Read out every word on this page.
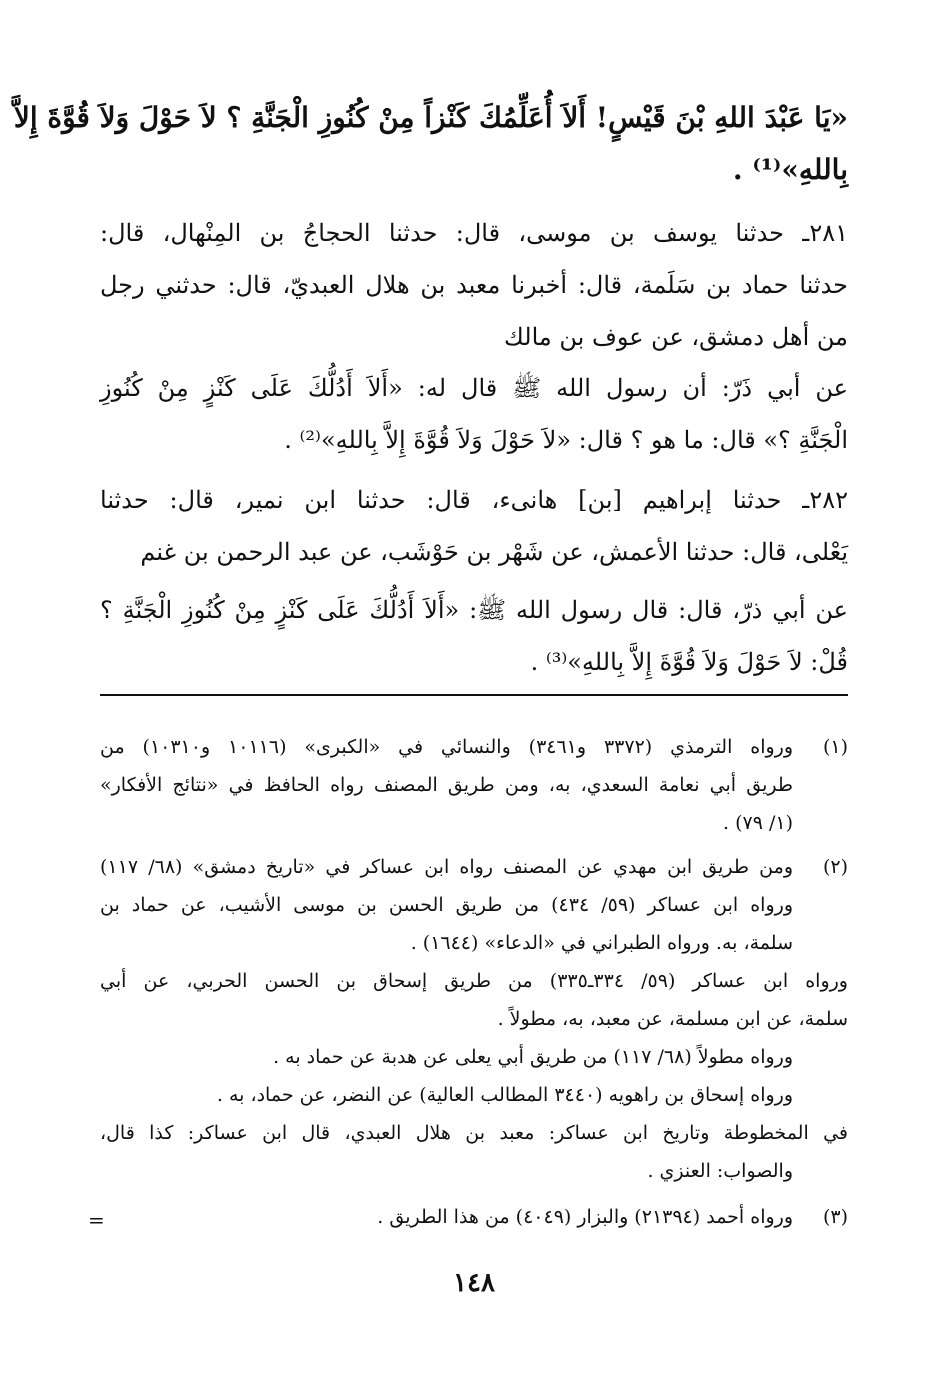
«يَا عَبْدَ اللهِ بْنَ قَيْسٍ! أَلاَ أُعَلِّمُكَ كَنْزاً مِنْ كُنُوزِ الْجَنَّةِ ؟ لاَ حَوْلَ وَلاَ قُوَّةَ إِلاَّ
بِاللهِ»⁽¹⁾ .
٢٨١ـ حدثنا يوسف بن موسى، قال: حدثنا الحجاجُ بن المِنْهال، قال:
حدثنا حماد بن سَلَمة، قال: أخبرنا معبد بن هلال العبديّ، قال: حدثني رجل
من أهل دمشق، عن عوف بن مالك
عن أبي ذَرّ: أن رسول الله ﷺ قال له: «أَلاَ أَدُلُّكَ عَلَى كَنْزٍ مِنْ كُنُوزِ
الْجَنَّةِ ؟» قال: ما هو ؟ قال: «لاَ حَوْلَ وَلاَ قُوَّةَ إِلاَّ بِاللهِ»⁽²⁾ .
٢٨٢ـ حدثنا إبراهيم [بن] هانىء، قال: حدثنا ابن نمير، قال: حدثنا
يَعْلى، قال: حدثنا الأعمش، عن شَهْر بن حَوْشَب، عن عبد الرحمن بن غنم
عن أبي ذرّ، قال: قال رسول الله ﷺ: «أَلاَ أَدُلُّكَ عَلَى كَنْزٍ مِنْ كُنُوزِ الْجَنَّةِ ؟
قُلْ: لاَ حَوْلَ وَلاَ قُوَّةَ إِلاَّ بِاللهِ»⁽³⁾ .
(١)
ورواه الترمذي (٣٣٧٢ و٣٤٦١) والنسائي في «الكبرى» (١٠١١٦ و١٠٣١٠) من
طريق أبي نعامة السعدي، به، ومن طريق المصنف رواه الحافظ في «نتائج الأفكار»
(١/ ٧٩) .
(٢)
ومن طريق ابن مهدي عن المصنف رواه ابن عساكر في «تاريخ دمشق» (٦٨/ ١١٧)
ورواه ابن عساكر (٥٩/ ٤٣٤) من طريق الحسن بن موسى الأشيب، عن حماد بن
سلمة، به. ورواه الطبراني في «الدعاء» (١٦٤٤) .
ورواه ابن عساكر (٥٩/ ٣٣٤ـ٣٣٥) من طريق إسحاق بن الحسن الحربي، عن أبي
سلمة، عن ابن مسلمة، عن معبد، به، مطولاً .
ورواه مطولاً (٦٨/ ١١٧) من طريق أبي يعلى عن هدبة عن حماد به .
ورواه إسحاق بن راهويه (٣٤٤٠ المطالب العالية) عن النضر، عن حماد، به .
في المخطوطة وتاريخ ابن عساكر: معبد بن هلال العبدي، قال ابن عساكر: كذا قال،
والصواب: العنزي .
(٣)
ورواه أحمد (٢١٣٩٤) والبزار (٤٠٤٩) من هذا الطريق .
=
١٤٨
